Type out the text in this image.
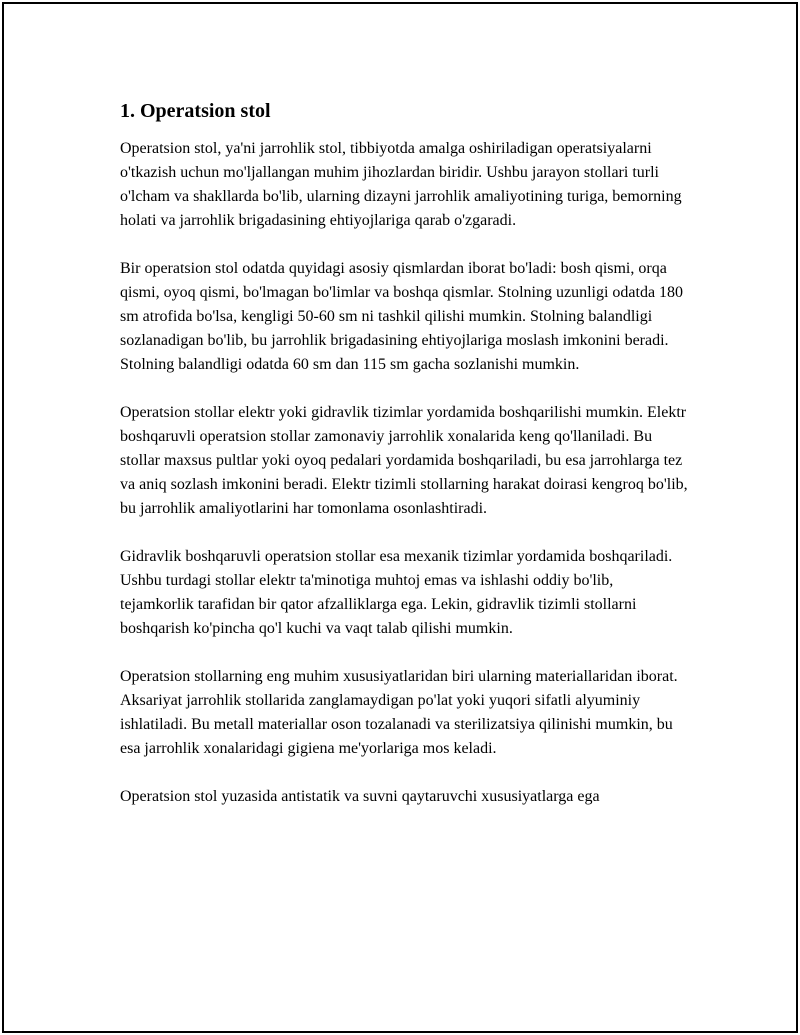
1. Operatsion stol

Operatsion stol, ya'ni jarrohlik stol, tibbiyotda amalga oshiriladigan operatsiyalarni o'tkazish uchun mo'ljallangan muhim jihozlardan biridir. Ushbu jarayon stollari turli o'lcham va shakllarda bo'lib, ularning dizayni jarrohlik amaliyotining turiga, bemorning holati va jarrohlik brigadasining ehtiyojlariga qarab o'zgaradi.

Bir operatsion stol odatda quyidagi asosiy qismlardan iborat bo'ladi: bosh qismi, orqa qismi, oyoq qismi, bo'lmagan bo'limlar va boshqa qismlar. Stolning uzunligi odatda 180 sm atrofida bo'lsa, kengligi 50-60 sm ni tashkil qilishi mumkin. Stolning balandligi sozlanadigan bo'lib, bu jarrohlik brigadasining ehtiyojlariga moslash imkonini beradi. Stolning balandligi odatda 60 sm dan 115 sm gacha sozlanishi mumkin.

Operatsion stollar elektr yoki gidravlik tizimlar yordamida boshqarilishi mumkin. Elektr boshqaruvli operatsion stollar zamonaviy jarrohlik xonalarida keng qo'llaniladi. Bu stollar maxsus pultlar yoki oyoq pedalari yordamida boshqariladi, bu esa jarrohlarga tez va aniq sozlash imkonini beradi. Elektr tizimli stollarning harakat doirasi kengroq bo'lib, bu jarrohlik amaliyotlarini har tomonlama osonlashtiradi.

Gidravlik boshqaruvli operatsion stollar esa mexanik tizimlar yordamida boshqariladi. Ushbu turdagi stollar elektr ta'minotiga muhtoj emas va ishlashi oddiy bo'lib, tejamkorlik tarafidan bir qator afzalliklarga ega. Lekin, gidravlik tizimli stollarni boshqarish ko'pincha qo'l kuchi va vaqt talab qilishi mumkin.

Operatsion stollarning eng muhim xususiyatlaridan biri ularning materiallaridan iborat. Aksariyat jarrohlik stollarida zanglamaydigan po'lat yoki yuqori sifatli alyuminiy ishlatiladi. Bu metall materiallar oson tozalanadi va sterilizatsiya qilinishi mumkin, bu esa jarrohlik xonalaridagi gigiena me'yorlariga mos keladi.

Operatsion stol yuzasida antistatik va suvni qaytaruvchi xususiyatlarga ega
